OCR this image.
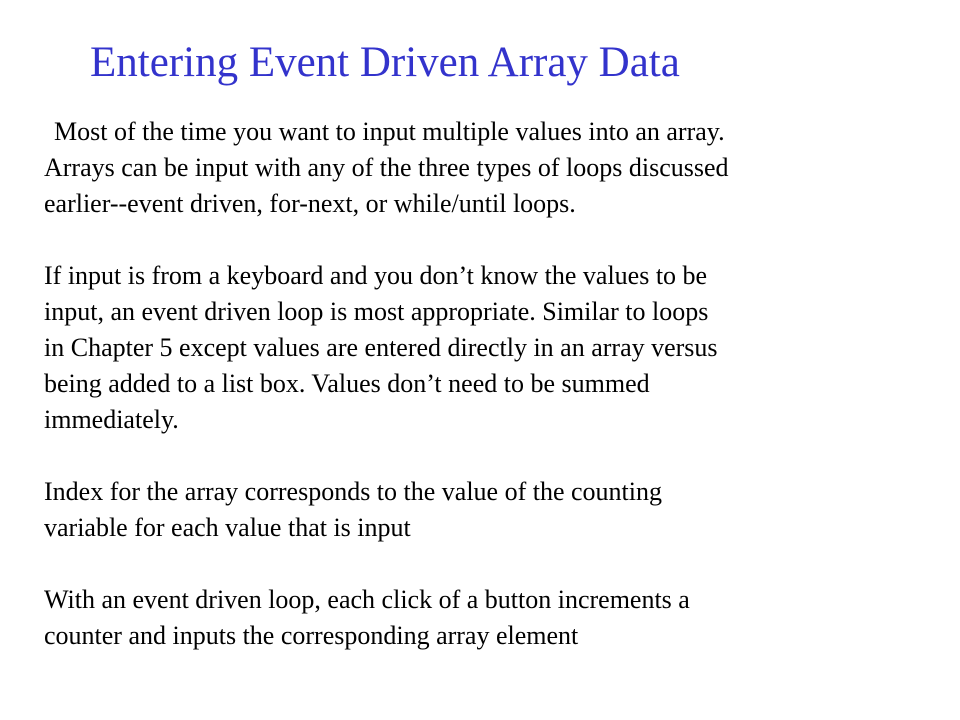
Entering Event Driven Array Data

Most of the time you want to input multiple values into an array.
Arrays can be input with any of the three types of loops discussed
earlier--event driven, for-next, or while/until loops.

If input is from a keyboard and you don’t know the values to be
input, an event driven loop is most appropriate. Similar to loops
in Chapter 5 except values are entered directly in an array versus
being added to a list box. Values don’t need to be summed
immediately.

Index for the array corresponds to the value of the counting
variable for each value that is input

With an event driven loop, each click of a button increments a
counter and inputs the corresponding array element
